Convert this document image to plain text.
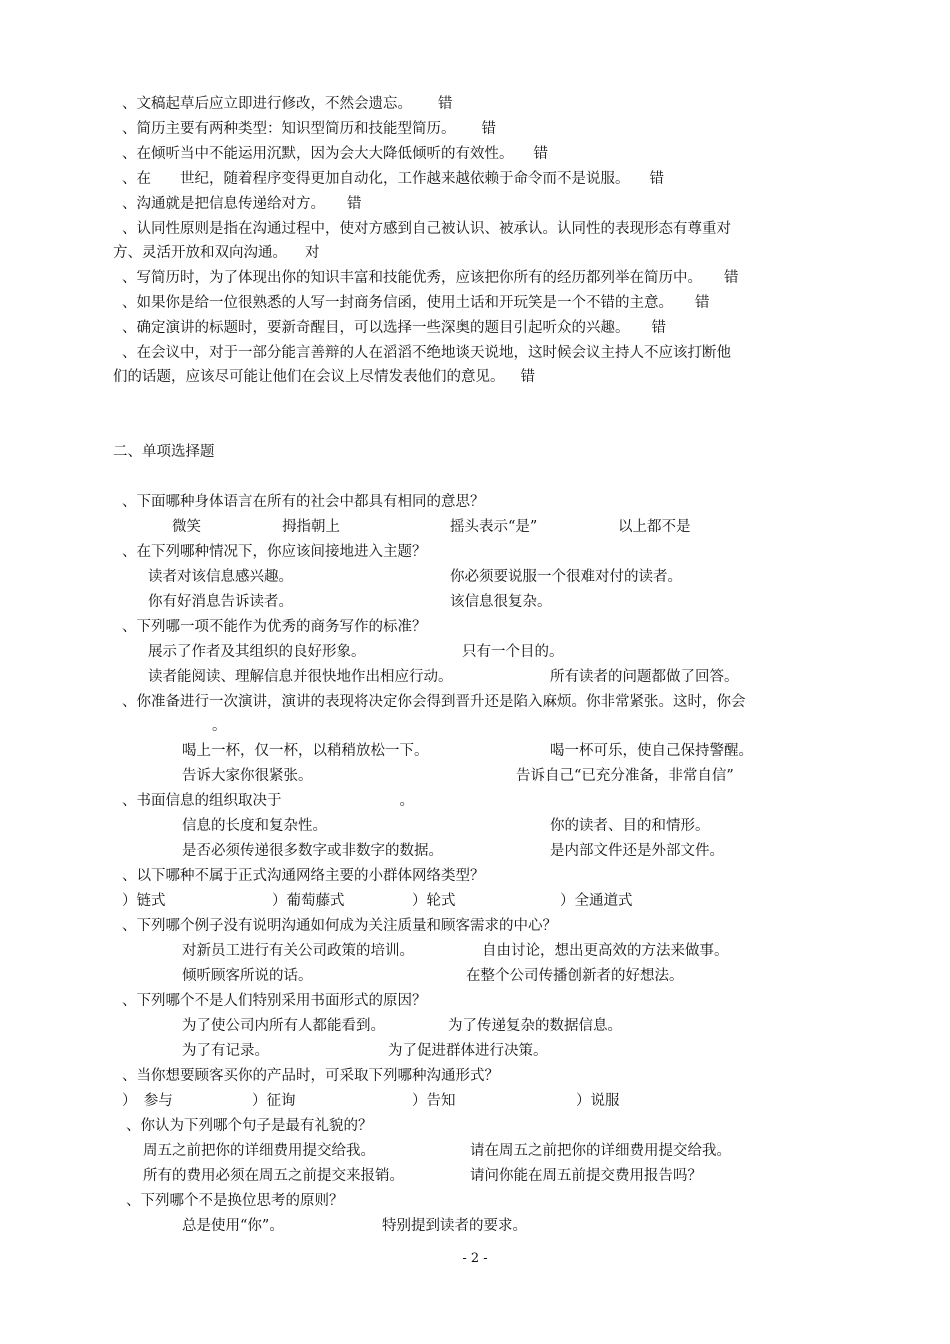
、文稿起草后应立即进行修改，不然会遗忘。 错
、简历主要有两种类型：知识型简历和技能型简历。 错
、在倾听当中不能运用沉默，因为会大大降低倾听的有效性。 错
、在　　世纪，随着程序变得更加自动化，工作越来越依赖于命令而不是说服。 错
、沟通就是把信息传递给对方。 错
、认同性原则是指在沟通过程中，使对方感到自己被认识、被承认。认同性的表现形态有尊重对
方、灵活开放和双向沟通。 对
、写简历时，为了体现出你的知识丰富和技能优秀，应该把你所有的经历都列举在简历中。 错
、如果你是给一位很熟悉的人写一封商务信函，使用土话和开玩笑是一个不错的主意。 错
、确定演讲的标题时，要新奇醒目，可以选择一些深奥的题目引起听众的兴趣。 错
、在会议中，对于一部分能言善辩的人在滔滔不绝地谈天说地，这时候会议主持人不应该打断他
们的话题，应该尽可能让他们在会议上尽情发表他们的意见。 错
二、单项选择题
、下面哪种身体语言在所有的社会中都具有相同的意思？
微笑	拇指朝上	摇头表示“是”	以上都不是
、在下列哪种情况下，你应该间接地进入主题？
读者对该信息感兴趣。	你必须要说服一个很难对付的读者。
你有好消息告诉读者。	该信息很复杂。
、下列哪一项不能作为优秀的商务写作的标准？
展示了作者及其组织的良好形象。	只有一个目的。
读者能阅读、理解信息并很快地作出相应行动。	所有读者的问题都做了回答。
、你准备进行一次演讲，演讲的表现将决定你会得到晋升还是陷入麻烦。你非常紧张。这时，你会
。
喝上一杯，仅一杯，以稍稍放松一下。	喝一杯可乐，使自己保持警醒。
告诉大家你很紧张。	告诉自己“已充分准备，非常自信”
、书面信息的组织取决于	。
信息的长度和复杂性。	你的读者、目的和情形。
是否必须传递很多数字或非数字的数据。	是内部文件还是外部文件。
、以下哪种不属于正式沟通网络主要的小群体网络类型？
）链式	）葡萄藤式	）轮式	）全通道式
、下列哪个例子没有说明沟通如何成为关注质量和顾客需求的中心？
对新员工进行有关公司政策的培训。	自由讨论，想出更高效的方法来做事。
倾听顾客所说的话。	在整个公司传播创新者的好想法。
、下列哪个不是人们特别采用书面形式的原因？
为了使公司内所有人都能看到。	为了传递复杂的数据信息。
为了有记录。	为了促进群体进行决策。
、当你想要顾客买你的产品时，可采取下列哪种沟通形式？
）　参与	）征询	）告知	）说服
、你认为下列哪个句子是最有礼貌的？
周五之前把你的详细费用提交给我。	请在周五之前把你的详细费用提交给我。
所有的费用必须在周五之前提交来报销。	请问你能在周五前提交费用报告吗？
、下列哪个不是换位思考的原则？
总是使用“你”。	特别提到读者的要求。
- 2 -
